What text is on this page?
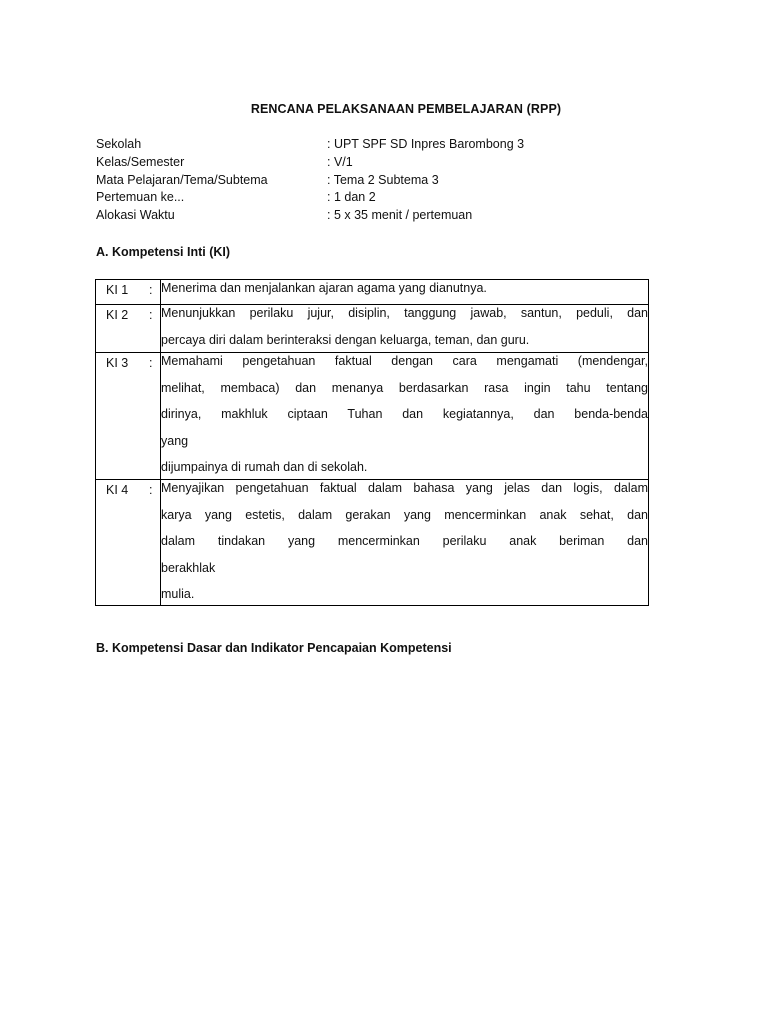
RENCANA PELAKSANAAN PEMBELAJARAN (RPP)
Sekolah	: UPT SPF SD Inpres Barombong 3
Kelas/Semester	: V/1
Mata Pelajaran/Tema/Subtema	: Tema 2 Subtema 3
Pertemuan ke...	: 1 dan 2
Alokasi Waktu	: 5 x 35 menit / pertemuan
A. Kompetensi Inti (KI)
KI 1 :	Menerima dan menjalankan ajaran agama yang dianutnya.

KI 2 :	Menunjukkan perilaku jujur, disiplin, tanggung jawab, santun, peduli, dan
percaya diri dalam berinteraksi dengan keluarga, teman, dan guru.

KI 3 :	Memahami pengetahuan faktual dengan cara mengamati (mendengar,
melihat, membaca) dan menanya berdasarkan rasa ingin tahu tentang
dirinya, makhluk ciptaan Tuhan dan kegiatannya, dan benda-benda
yang
dijumpainya di rumah dan di sekolah.

KI 4 :	Menyajikan pengetahuan faktual dalam bahasa yang jelas dan logis, dalam
karya yang estetis, dalam gerakan yang mencerminkan anak sehat, dan
dalam tindakan yang mencerminkan perilaku anak beriman dan
berakhlak
mulia.
B. Kompetensi Dasar dan Indikator Pencapaian Kompetensi
